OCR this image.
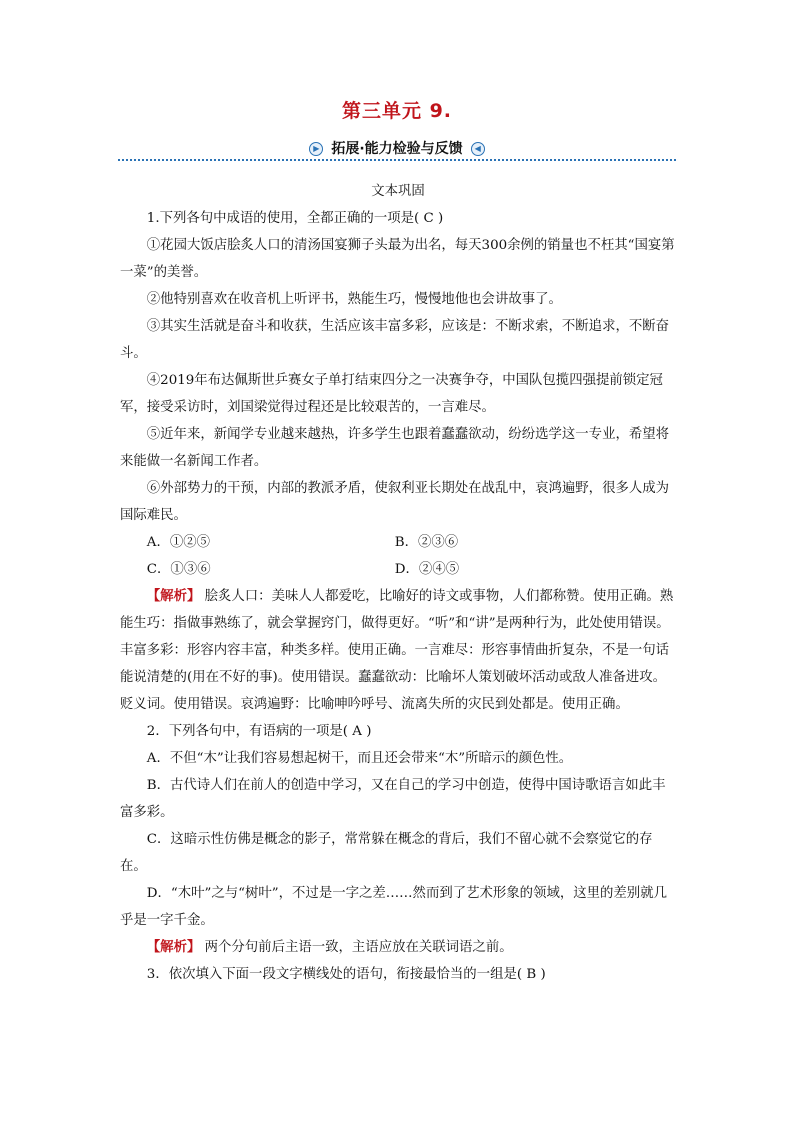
第三单元 9.
▶ 拓展·能力检验与反馈 ◀

文本巩固

1.下列各句中成语的使用，全都正确的一项是( C )

①花园大饭店脍炙人口的清汤国宴狮子头最为出名，每天300余例的销量也不枉其“国宴第一菜”的美誉。

②他特别喜欢在收音机上听评书，熟能生巧，慢慢地他也会讲故事了。

③其实生活就是奋斗和收获，生活应该丰富多彩，应该是：不断求索，不断追求，不断奋斗。

④2019年布达佩斯世乒赛女子单打结束四分之一决赛争夺，中国队包揽四强提前锁定冠军，接受采访时，刘国梁觉得过程还是比较艰苦的，一言难尽。

⑤近年来，新闻学专业越来越热，许多学生也跟着蠢蠢欲动，纷纷选学这一专业，希望将来能做一名新闻工作者。

⑥外部势力的干预，内部的教派矛盾，使叙利亚长期处在战乱中，哀鸿遍野，很多人成为国际难民。

A．①②⑤	B．②③⑥
C．①③⑥	D．②④⑤

【解析】 脍炙人口：美味人人都爱吃，比喻好的诗文或事物，人们都称赞。使用正确。熟能生巧：指做事熟练了，就会掌握窍门，做得更好。“听”和“讲”是两种行为，此处使用错误。丰富多彩：形容内容丰富，种类多样。使用正确。一言难尽：形容事情曲折复杂，不是一句话能说清楚的(用在不好的事)。使用错误。蠢蠢欲动：比喻坏人策划破坏活动或敌人准备进攻。贬义词。使用错误。哀鸿遍野：比喻呻吟呼号、流离失所的灾民到处都是。使用正确。

2．下列各句中，有语病的一项是( A )

A．不但“木”让我们容易想起树干，而且还会带来“木”所暗示的颜色性。

B．古代诗人们在前人的创造中学习，又在自己的学习中创造，使得中国诗歌语言如此丰富多彩。

C．这暗示性仿佛是概念的影子，常常躲在概念的背后，我们不留心就不会察觉它的存在。

D．“木叶”之与“树叶”，不过是一字之差……然而到了艺术形象的领域，这里的差别就几乎是一字千金。

【解析】 两个分句前后主语一致，主语应放在关联词语之前。

3．依次填入下面一段文字横线处的语句，衔接最恰当的一组是( B )
